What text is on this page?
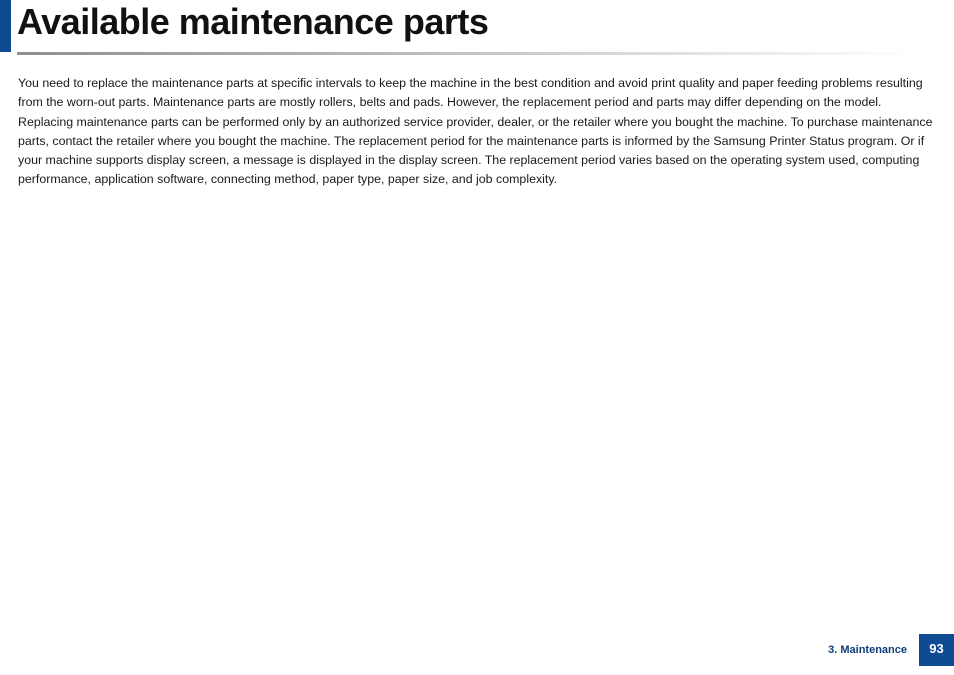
Available maintenance parts

You need to replace the maintenance parts at specific intervals to keep the machine in the best condition and avoid print quality and paper feeding problems resulting from the worn-out parts. Maintenance parts are mostly rollers, belts and pads. However, the replacement period and parts may differ depending on the model. Replacing maintenance parts can be performed only by an authorized service provider, dealer, or the retailer where you bought the machine. To purchase maintenance parts, contact the retailer where you bought the machine. The replacement period for the maintenance parts is informed by the Samsung Printer Status program. Or if your machine supports display screen, a message is displayed in the display screen. The replacement period varies based on the operating system used, computing performance, application software, connecting method, paper type, paper size, and job complexity.

3. Maintenance	93
